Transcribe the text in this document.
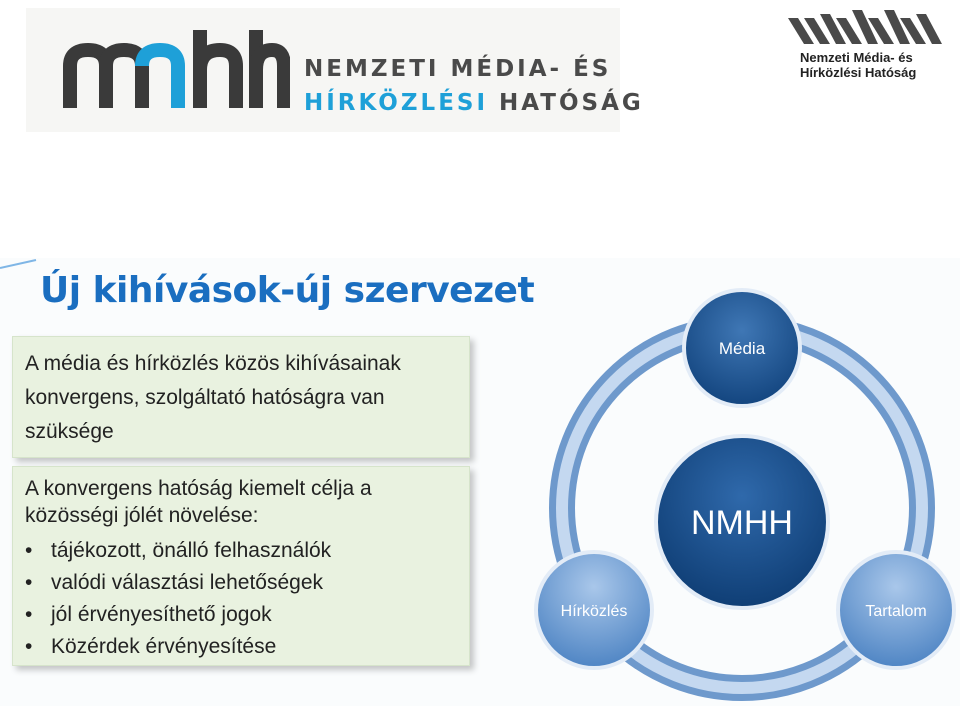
NEMZETI MÉDIA- ÉS
HÍRKÖZLÉSI HATÓSÁG
Nemzeti Média- és
Hírközlési Hatóság
Új kihívások-új szervezet
A média és hírközlés közös kihívásainak konvergens, szolgáltató hatóságra van szüksége
A konvergens hatóság kiemelt célja a közösségi jólét növelése:
• tájékozott, önálló felhasználók
• valódi választási lehetőségek
• jól érvényesíthető jogok
• Közérdek érvényesítése
NMHH
Média
Hírközlés	Tartalom
